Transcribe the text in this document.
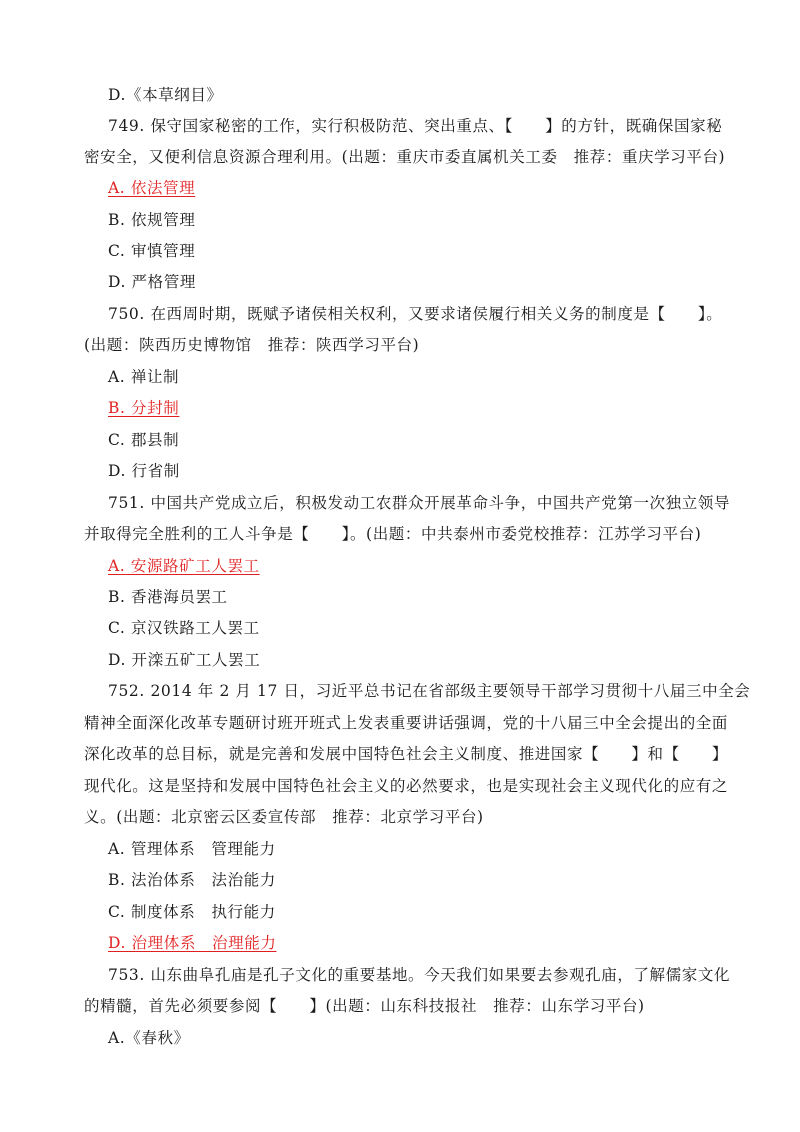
D.《本草纲目》
749. 保守国家秘密的工作，实行积极防范、突出重点、【　　】的方针，既确保国家秘
密安全，又便利信息资源合理利用。(出题：重庆市委直属机关工委　推荐：重庆学习平台)
A. 依法管理
B. 依规管理
C. 审慎管理
D. 严格管理
750. 在西周时期，既赋予诸侯相关权利，又要求诸侯履行相关义务的制度是【　　】。
(出题：陕西历史博物馆　推荐：陕西学习平台)
A. 禅让制
B. 分封制
C. 郡县制
D. 行省制
751. 中国共产党成立后，积极发动工农群众开展革命斗争，中国共产党第一次独立领导
并取得完全胜利的工人斗争是【　　】。(出题：中共泰州市委党校推荐：江苏学习平台)
A. 安源路矿工人罢工
B. 香港海员罢工
C. 京汉铁路工人罢工
D. 开滦五矿工人罢工
752. 2014 年 2 月 17 日，习近平总书记在省部级主要领导干部学习贯彻十八届三中全会
精神全面深化改革专题研讨班开班式上发表重要讲话强调，党的十八届三中全会提出的全面
深化改革的总目标，就是完善和发展中国特色社会主义制度、推进国家【　　】和【　　】
现代化。这是坚持和发展中国特色社会主义的必然要求，也是实现社会主义现代化的应有之
义。(出题：北京密云区委宣传部　推荐：北京学习平台)
A. 管理体系　管理能力
B. 法治体系　法治能力
C. 制度体系　执行能力
D. 治理体系　治理能力
753. 山东曲阜孔庙是孔子文化的重要基地。今天我们如果要去参观孔庙，了解儒家文化
的精髓，首先必须要参阅【　　】(出题：山东科技报社　推荐：山东学习平台)
A.《春秋》
